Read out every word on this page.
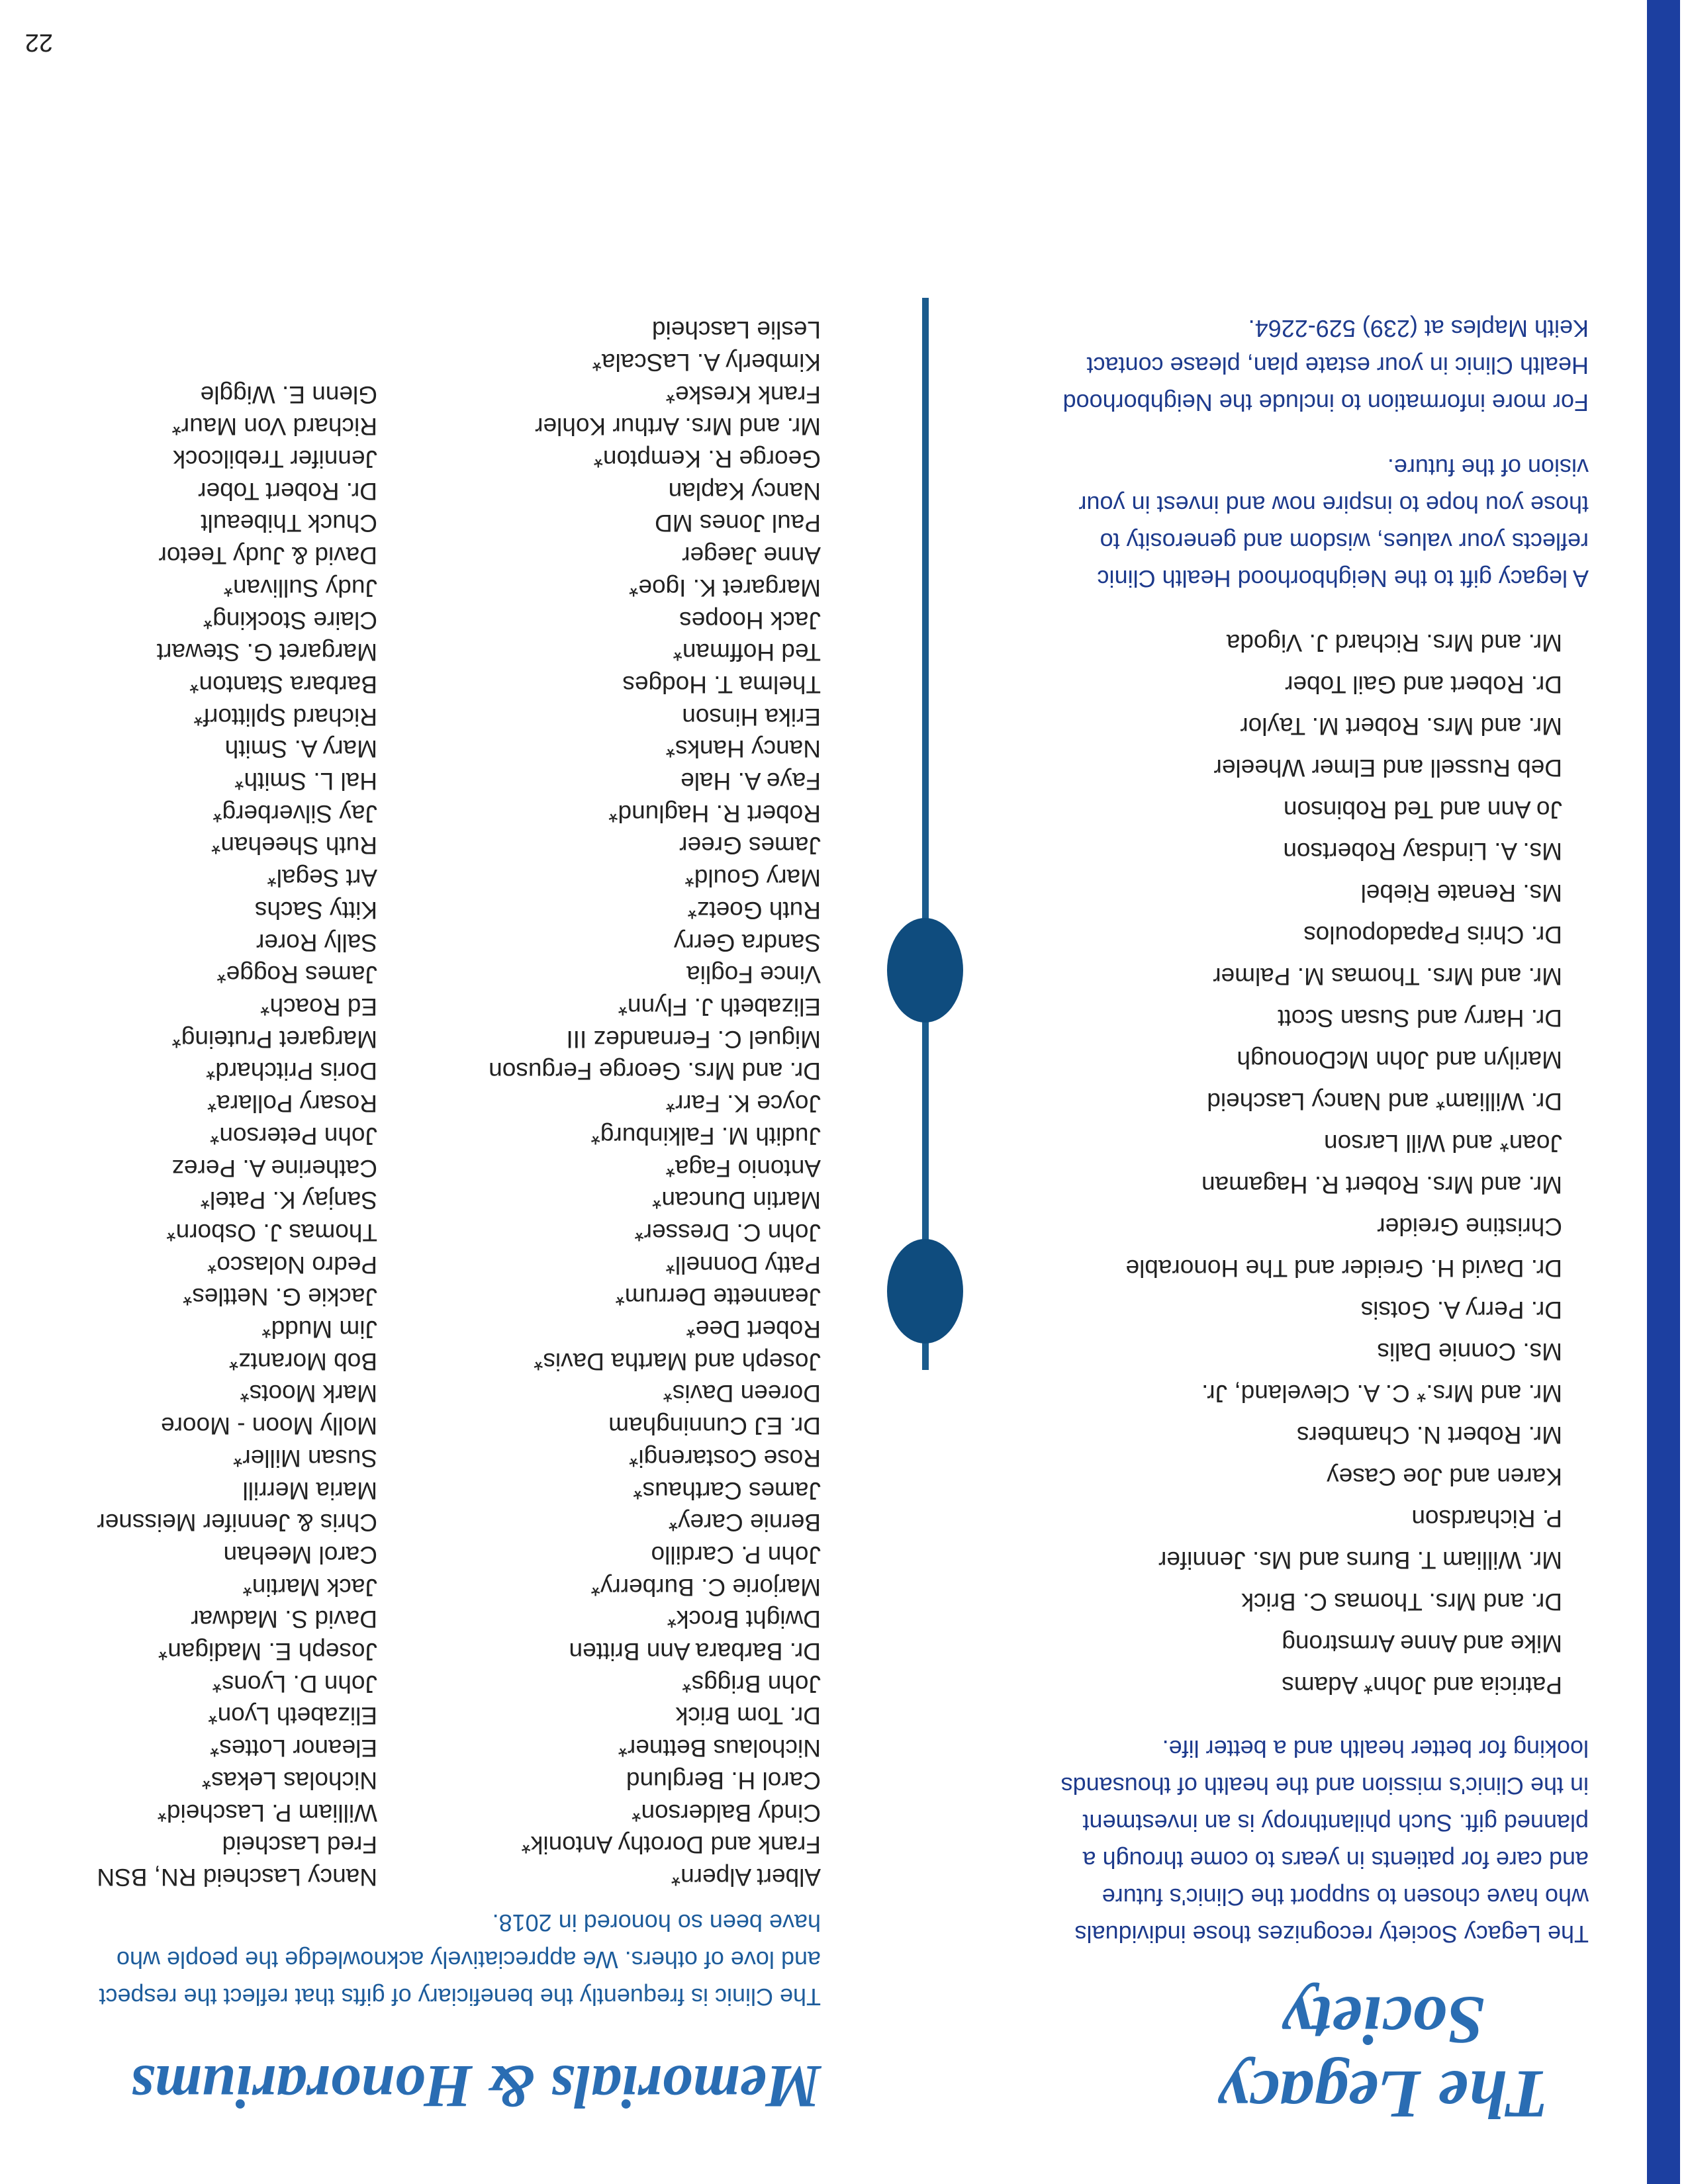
The Legacy Society

The Legacy Society recognizes those individuals who have chosen to support the Clinic's future and care for patients in years to come through a planned gift. Such philanthropy is an investment in the Clinic's mission and the health of thousands looking for better health and a better life.

Patricia and John* Adams
Mike and Anne Armstrong
Dr. and Mrs. Thomas C. Brick
Mr. William T. Burns and Ms. Jennifer
P. Richardson
Karen and Joe Casey
Mr. Robert N. Chambers
Mr. and Mrs.* C. A. Cleveland, Jr.
Ms. Connie Dalis
Dr. Perry A. Gotsis
Dr. David H. Greider and The Honorable
Christine Greider
Mr. and Mrs. Robert R. Hagaman
Joan* and Will Larson
Dr. William* and Nancy Lascheid
Marilyn and John McDonough
Dr. Harry and Susan Scott
Mr. and Mrs. Thomas M. Palmer
Dr. Chris Papadopoulos
Ms. Renate Riebel
Ms. A. Lindsay Robertson
Jo Ann and Ted Robinson
Deb Russell and Elmer Wheeler
Mr. and Mrs. Robert M. Taylor
Dr. Robert and Gail Tober
Mr. and Mrs. Richard J. Vigoda

A legacy gift to the Neighborhood Health Clinic reflects your values, wisdom and generosity to those you hope to inspire now and invest in your vision of the future.

For more information to include the Neighborhood Health Clinic in your estate plan, please contact Keith Maples at (239) 529-2264.

Memorials & Honorariums

The Clinic is frequently the beneficiary of gifts that reflect the respect and love of others. We appreciatively acknowledge the people who have been so honored in 2018.

Albert Alpern*
Frank and Dorothy Antonik*
Cindy Balderson*
Carol H. Berglund
Nicholaus Bettner*
Dr. Tom Brick
John Briggs*
Dr. Barbara Ann Britten
Dwight Brock*
Marjorie C. Burberry*
John P. Cardillo
Bernie Carey*
James Carthaus*
Rose Costarengi*
Dr. EJ Cunningham
Doreen Davis*
Joseph and Martha Davis*
Robert Dee*
Jeannette Derrum*
Patty Donnell*
John C. Dresser*
Martin Duncan*
Antonio Faga*
Judith M. Falkinburg*
Joyce K. Farr*
Dr. and Mrs. George Ferguson
Miguel C. Fernandez III
Elizabeth J. Flynn*
Vince Foglia
Sandra Gerry
Ruth Goetz*
Mary Gould*
James Greer
Robert R. Haglund*
Faye A. Hale
Nancy Hanks*
Erika Hinson
Thelma T. Hodges
Ted Hoffman*
Jack Hoopes
Margaret K. Igoe*
Anne Jaeger
Paul Jones MD
Nancy Kaplan
George R. Kempton*
Mr. and Mrs. Arthur Kohler
Frank Kreske*
Kimberly A. LaScala*
Leslie Lascheid
Nancy Lascheid RN, BSN
Fred Lascheid
William P. Lascheid*
Nicholas Lekas*
Eleanor Lottes*
Elizabeth Lyon*
John D. Lyons*
Joseph E. Madigan*
David S. Madwar
Jack Martin*
Carol Meehan
Chris & Jennifer Meissner
Maria Merrill
Susan Miller*
Molly Moon - Moore
Mark Moots*
Bob Morantz*
Jim Mudd*
Jackie G. Nettles*
Pedro Nolasco*
Thomas J. Osborn*
Sanjay K. Patel*
Catherine A. Perez
John Peterson*
Rosary Pollara*
Doris Pritchard*
Margaret Pruteing*
Ed Roach*
James Rogge*
Sally Rorer
Kitty Sachs
Art Segal*
Ruth Sheehan*
Jay Silverberg*
Hal L. Smith*
Mary A. Smith
Richard Splittorf*
Barbara Stanton*
Margaret G. Stewart
Claire Stocking*
Judy Sullivan*
David & Judy Teetor
Chuck Thibeault
Dr. Robert Tober
Jennifer Trebilcock
Richard Von Maur*
Glenn E. Wiggle

22
